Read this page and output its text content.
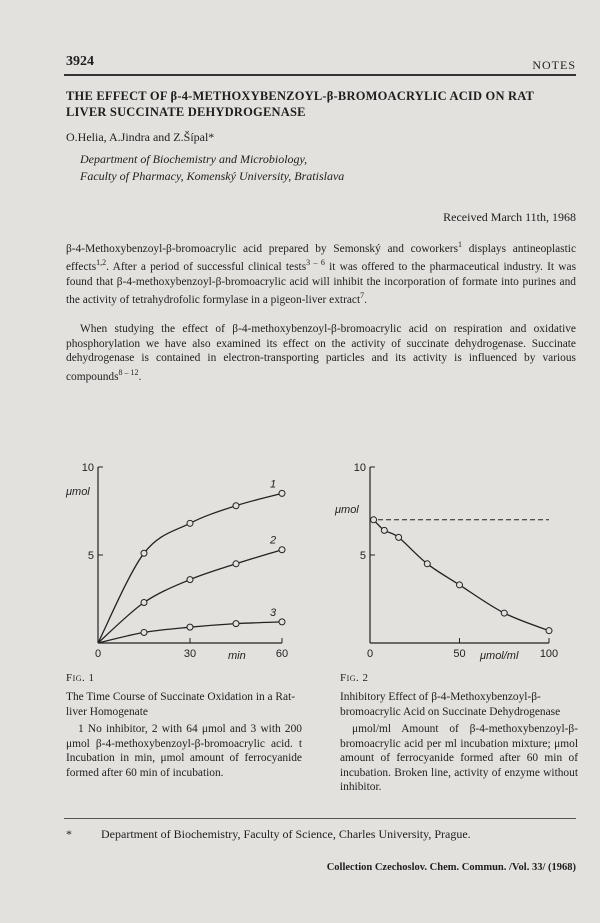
3924	NOTES
THE EFFECT OF β-4-METHOXYBENZOYL-β-BROMOACRYLIC ACID ON RAT LIVER SUCCINATE DEHYDROGENASE
O.Helia, A.Jindra and Z.Šípal*
Department of Biochemistry and Microbiology,
Faculty of Pharmacy, Komenský University, Bratislava
Received March 11th, 1968

β-4-Methoxybenzoyl-β-bromoacrylic acid prepared by Semonský and coworkers$^1$ displays antineoplastic effects$^{1,2}$. After a period of successful clinical tests$^{3 - 6}$ it was offered to the pharmaceutical industry. It was found that β-4-methoxybenzoyl-β-bromoacrylic acid will inhibit the incorporation of formate into purines and the activity of tetrahydrofolic formylase in a pigeon-liver extract$^7$.

When studying the effect of β-4-methoxybenzoyl-β-bromoacrylic acid on respiration and oxidative phosphorylation we have also examined its effect on the activity of succinate dehydrogenase. Succinate dehydrogenase is contained in electron-transporting particles and its activity is influenced by various compounds$^{8 - 12}$.

5
10
0	30	60
μmol
min
1
2
3
5
10
0	50	100
μmol
μmol/ml
Fig. 1
The Time Course of Succinate Oxidation in a Rat-liver Homogenate
1 No inhibitor, 2 with 64 μmol and 3 with 200 μmol β-4-methoxybenzoyl-β-bromoacrylic acid. t Incubation in min, μmol amount of ferrocyanide formed after 60 min of incubation.
Fig. 2
Inhibitory Effect of β-4-Methoxybenzoyl-β-bromoacrylic Acid on Succinate Dehydrogenase
μmol/ml Amount of β-4-methoxybenzoyl-β-bromoacrylic acid per ml incubation mixture; μmol amount of ferrocyanide formed after 60 min of incubation. Broken line, activity of enzyme without inhibitor.
* Department of Biochemistry, Faculty of Science, Charles University, Prague.
Collection Czechoslov. Chem. Commun. /Vol. 33/ (1968)
